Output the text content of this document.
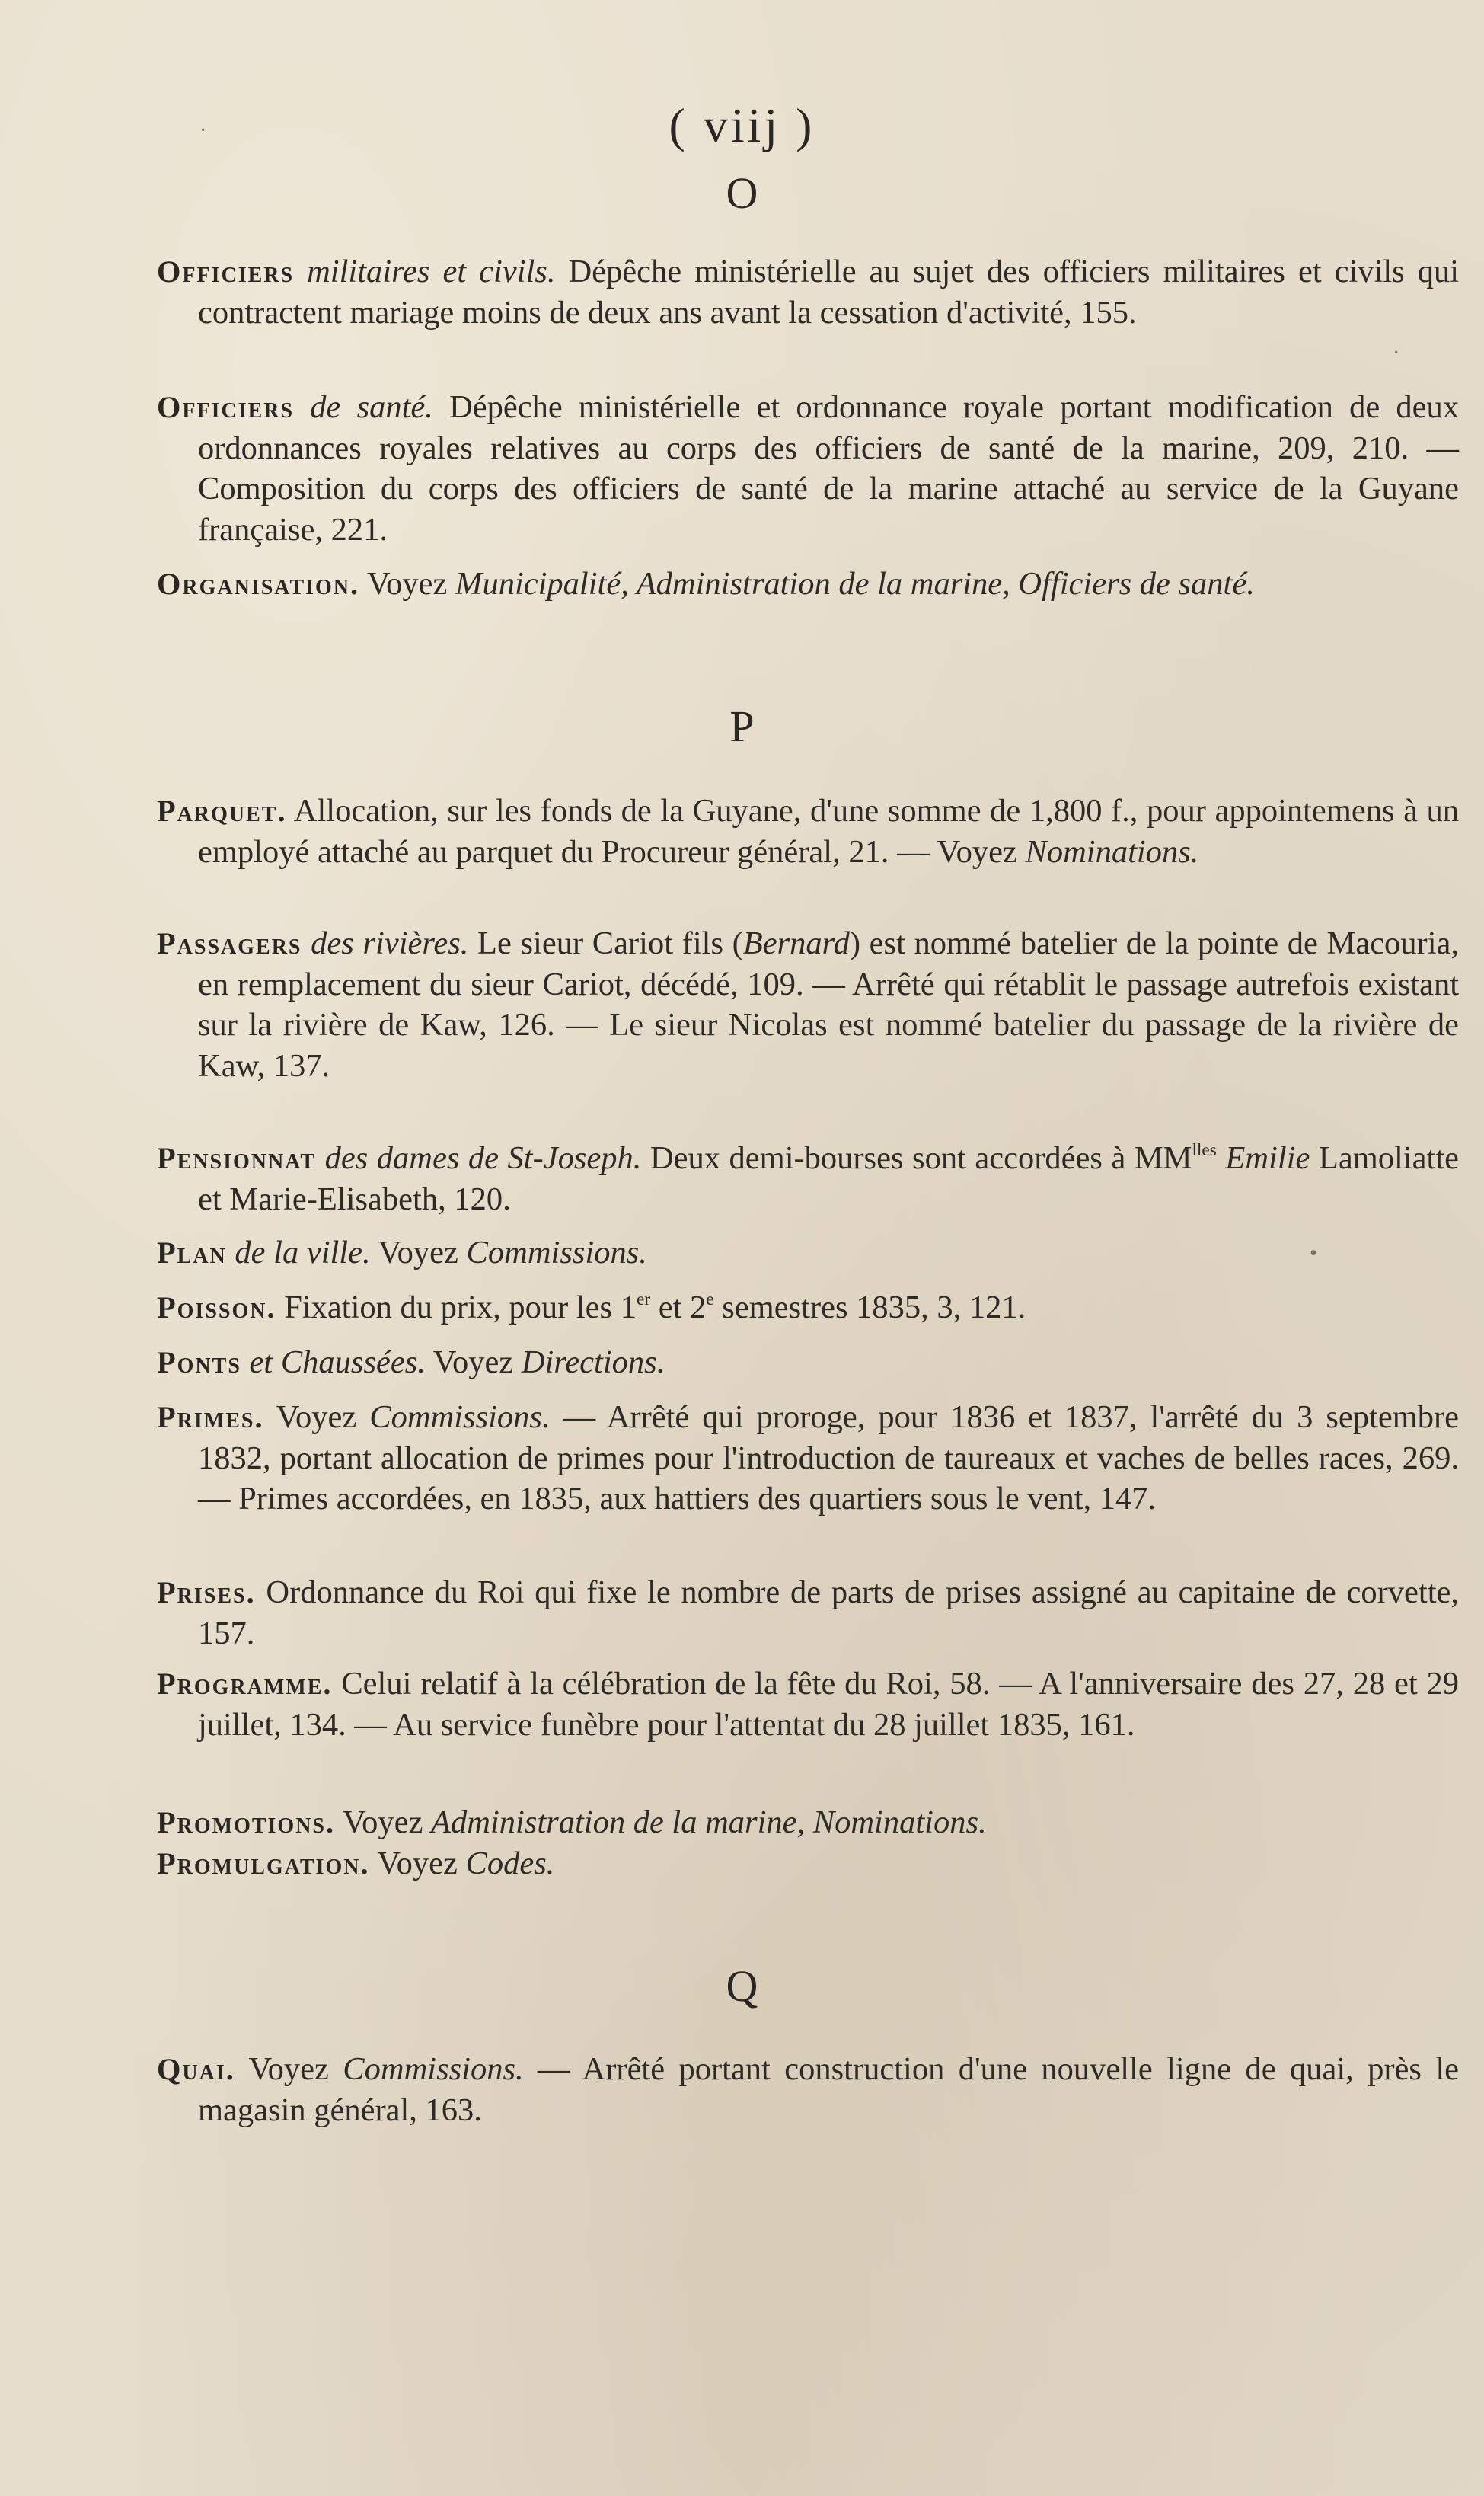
( viij )
O
Officiers militaires et civils. Dépêche ministérielle au sujet des officiers militaires et civils qui contractent mariage moins de deux ans avant la cessation d'activité, 155.
Officiers de santé. Dépêche ministérielle et ordonnance royale portant modification de deux ordonnances royales relatives au corps des officiers de santé de la marine, 209, 210. — Composition du corps des officiers de santé de la marine attaché au service de la Guyane française, 221.
Organisation. Voyez Municipalité, Administration de la marine, Officiers de santé.
P
Parquet. Allocation, sur les fonds de la Guyane, d'une somme de 1,800 f., pour appointemens à un employé attaché au parquet du Procureur général, 21. — Voyez Nominations.
Passagers des rivières. Le sieur Cariot fils (Bernard) est nommé batelier de la pointe de Macouria, en remplacement du sieur Cariot, décédé, 109. — Arrêté qui rétablit le passage autrefois existant sur la rivière de Kaw, 126. — Le sieur Nicolas est nommé batelier du passage de la rivière de Kaw, 137.
Pensionnat des dames de St-Joseph. Deux demi-bourses sont accordées à $MM^{lles}$ Emilie Lamoliatte et Marie-Elisabeth, 120.
Plan de la ville. Voyez Commissions.
Poisson. Fixation du prix, pour les 1er et 2e semestres 1835, 3, 121.
Ponts et Chaussées. Voyez Directions.
Primes. Voyez Commissions. — Arrêté qui proroge, pour 1836 et 1837, l'arrêté du 3 septembre 1832, portant allocation de primes pour l'introduction de taureaux et vaches de belles races, 269. — Primes accordées, en 1835, aux hattiers des quartiers sous le vent, 147.
Prises. Ordonnance du Roi qui fixe le nombre de parts de prises assigné au capitaine de corvette, 157.
Programme. Celui relatif à la célébration de la fête du Roi, 58. — A l'anniversaire des 27, 28 et 29 juillet, 134. — Au service funèbre pour l'attentat du 28 juillet 1835, 161.
Promotions. Voyez Administration de la marine, Nominations.
Promulgation. Voyez Codes.
Q
Quai. Voyez Commissions. — Arrêté portant construction d'une nouvelle ligne de quai, près le magasin général, 163.
·
•
·
